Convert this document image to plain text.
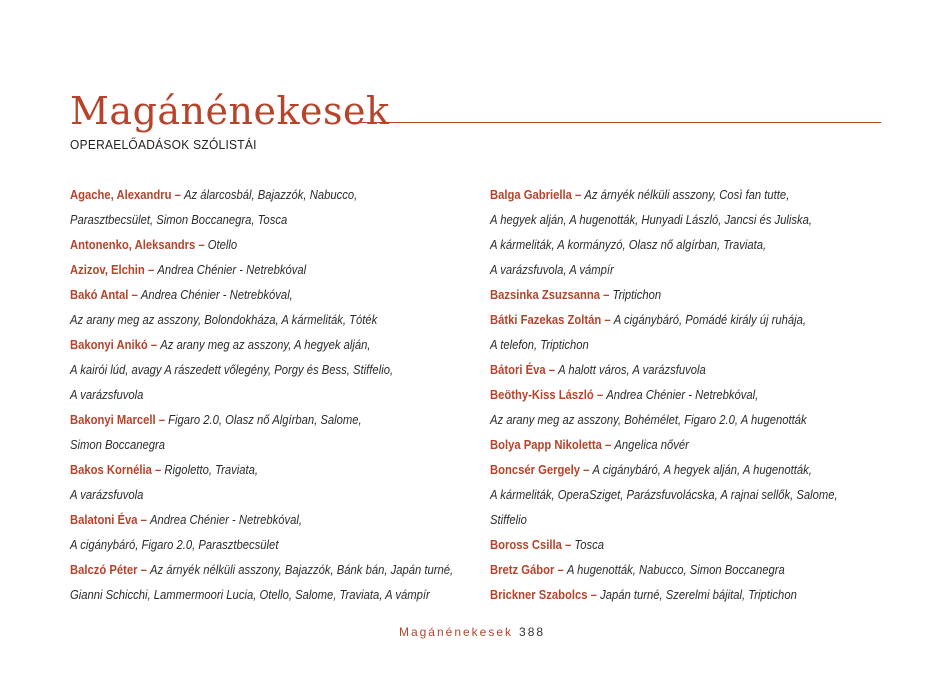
Magánénekesek

OPERAELŐADÁSOK SZÓLISTÁI

Agache, Alexandru – Az álarcosbál, Bajazzók, Nabucco,
Parasztbecsület, Simon Boccanegra, Tosca
Antonenko, Aleksandrs – Otello
Azizov, Elchin – Andrea Chénier - Netrebkóval
Bakó Antal – Andrea Chénier - Netrebkóval,
Az arany meg az asszony, Bolondokháza, A kármeliták, Tóték
Bakonyi Anikó – Az arany meg az asszony, A hegyek alján,
A kairói lúd, avagy A rászedett vőlegény, Porgy és Bess, Stiffelio,
A varázsfuvola
Bakonyi Marcell – Figaro 2.0, Olasz nő Algírban, Salome,
Simon Boccanegra
Bakos Kornélia – Rigoletto, Traviata,
A varázsfuvola
Balatoni Éva – Andrea Chénier - Netrebkóval,
A cigánybáró, Figaro 2.0, Parasztbecsület
Balczó Péter – Az árnyék nélküli asszony, Bajazzók, Bánk bán, Japán turné,
Gianni Schicchi, Lammermoori Lucia, Otello, Salome, Traviata, A vámpír
Balga Gabriella – Az árnyék nélküli asszony, Così fan tutte,
A hegyek alján, A hugenották, Hunyadi László, Jancsi és Juliska,
A kármeliták, A kormányzó, Olasz nő algírban, Traviata,
A varázsfuvola, A vámpír
Bazsinka Zsuzsanna – Triptichon
Bátki Fazekas Zoltán – A cigánybáró, Pomádé király új ruhája,
A telefon, Triptichon
Bátori Éva – A halott város, A varázsfuvola
Beöthy-Kiss László – Andrea Chénier - Netrebkóval,
Az arany meg az asszony, Bohémélet, Figaro 2.0, A hugenották
Bolya Papp Nikoletta – Angelica nővér
Boncsér Gergely – A cigánybáró, A hegyek alján, A hugenották,
A kármeliták, OperaSziget, Parázsfuvolácska, A rajnai sellők, Salome,
Stiffelio
Boross Csilla – Tosca
Bretz Gábor – A hugenották, Nabucco, Simon Boccanegra
Brickner Szabolcs – Japán turné, Szerelmi bájital, Triptichon
Magánénekesek 388
